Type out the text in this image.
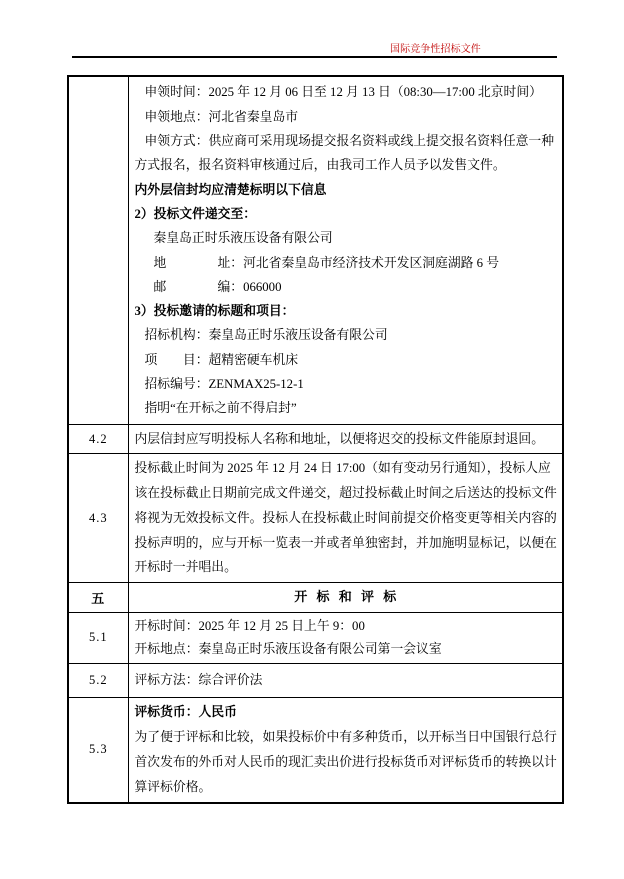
国际竞争性招标文件

申领时间：2025 年 12 月 06 日至 12 月 13 日（08:30—17:00 北京时间）
申领地点：河北省秦皇岛市
申领方式：供应商可采用现场提交报名资料或线上提交报名资料任意一种
方式报名，报名资料审核通过后，由我司工作人员予以发售文件。
内外层信封均应清楚标明以下信息
2）投标文件递交至：
秦皇岛正时乐液压设备有限公司
地　　　　址：河北省秦皇岛市经济技术开发区洞庭湖路 6 号
邮　　　　编：066000
3）投标邀请的标题和项目：
招标机构：秦皇岛正时乐液压设备有限公司
项　　目：超精密硬车机床
招标编号：ZENMAX25-12-1
指明“在开标之前不得启封”

4.2	内层信封应写明投标人名称和地址，以便将迟交的投标文件能原封退回。

4.3	投标截止时间为 2025 年 12 月 24 日 17:00（如有变动另行通知），投标人应
该在投标截止日期前完成文件递交，超过投标截止时间之后送达的投标文件
将视为无效投标文件。投标人在投标截止时间前提交价格变更等相关内容的
投标声明的，应与开标一览表一并或者单独密封，并加施明显标记，以便在
开标时一并唱出。

五	开 标 和 评 标

5.1	开标时间：2025 年 12 月 25 日上午 9：00
开标地点：秦皇岛正时乐液压设备有限公司第一会议室

5.2	评标方法：综合评价法

5.3	评标货币：人民币
为了便于评标和比较，如果投标价中有多种货币，以开标当日中国银行总行
首次发布的外币对人民币的现汇卖出价进行投标货币对评标货币的转换以计
算评标价格。
